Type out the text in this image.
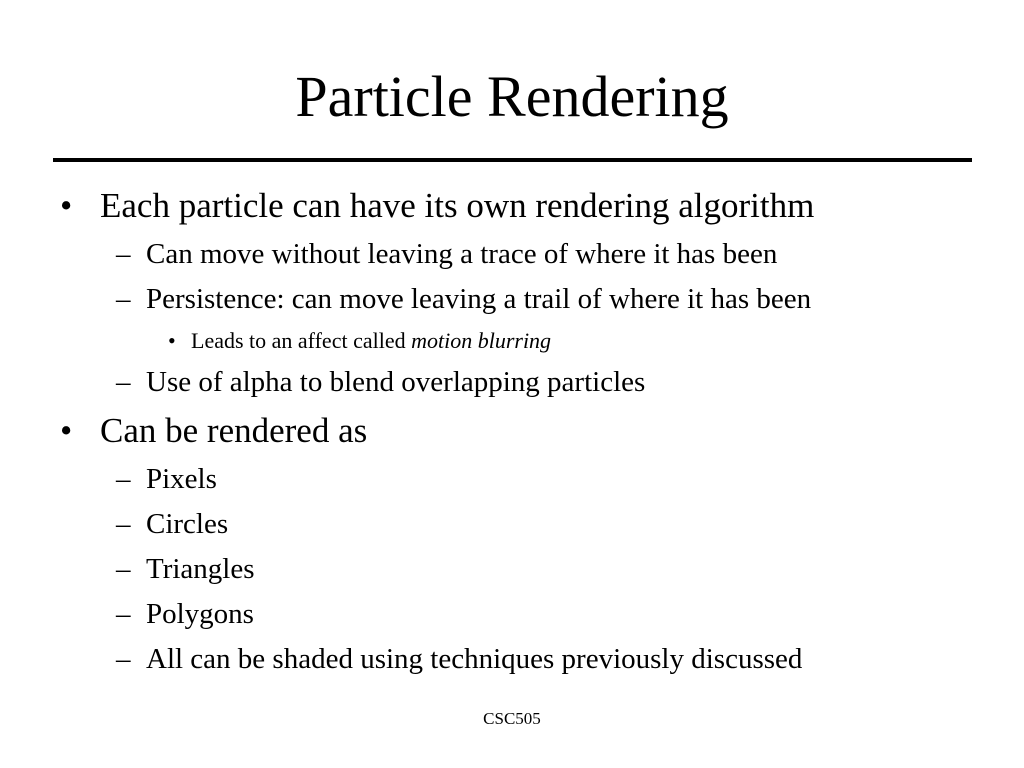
Particle Rendering
• Each particle can have its own rendering algorithm
– Can move without leaving a trace of where it has been
– Persistence: can move leaving a trail of where it has been
• Leads to an affect called motion blurring
– Use of alpha to blend overlapping particles
• Can be rendered as
– Pixels
– Circles
– Triangles
– Polygons
– All can be shaded using techniques previously discussed
CSC505
